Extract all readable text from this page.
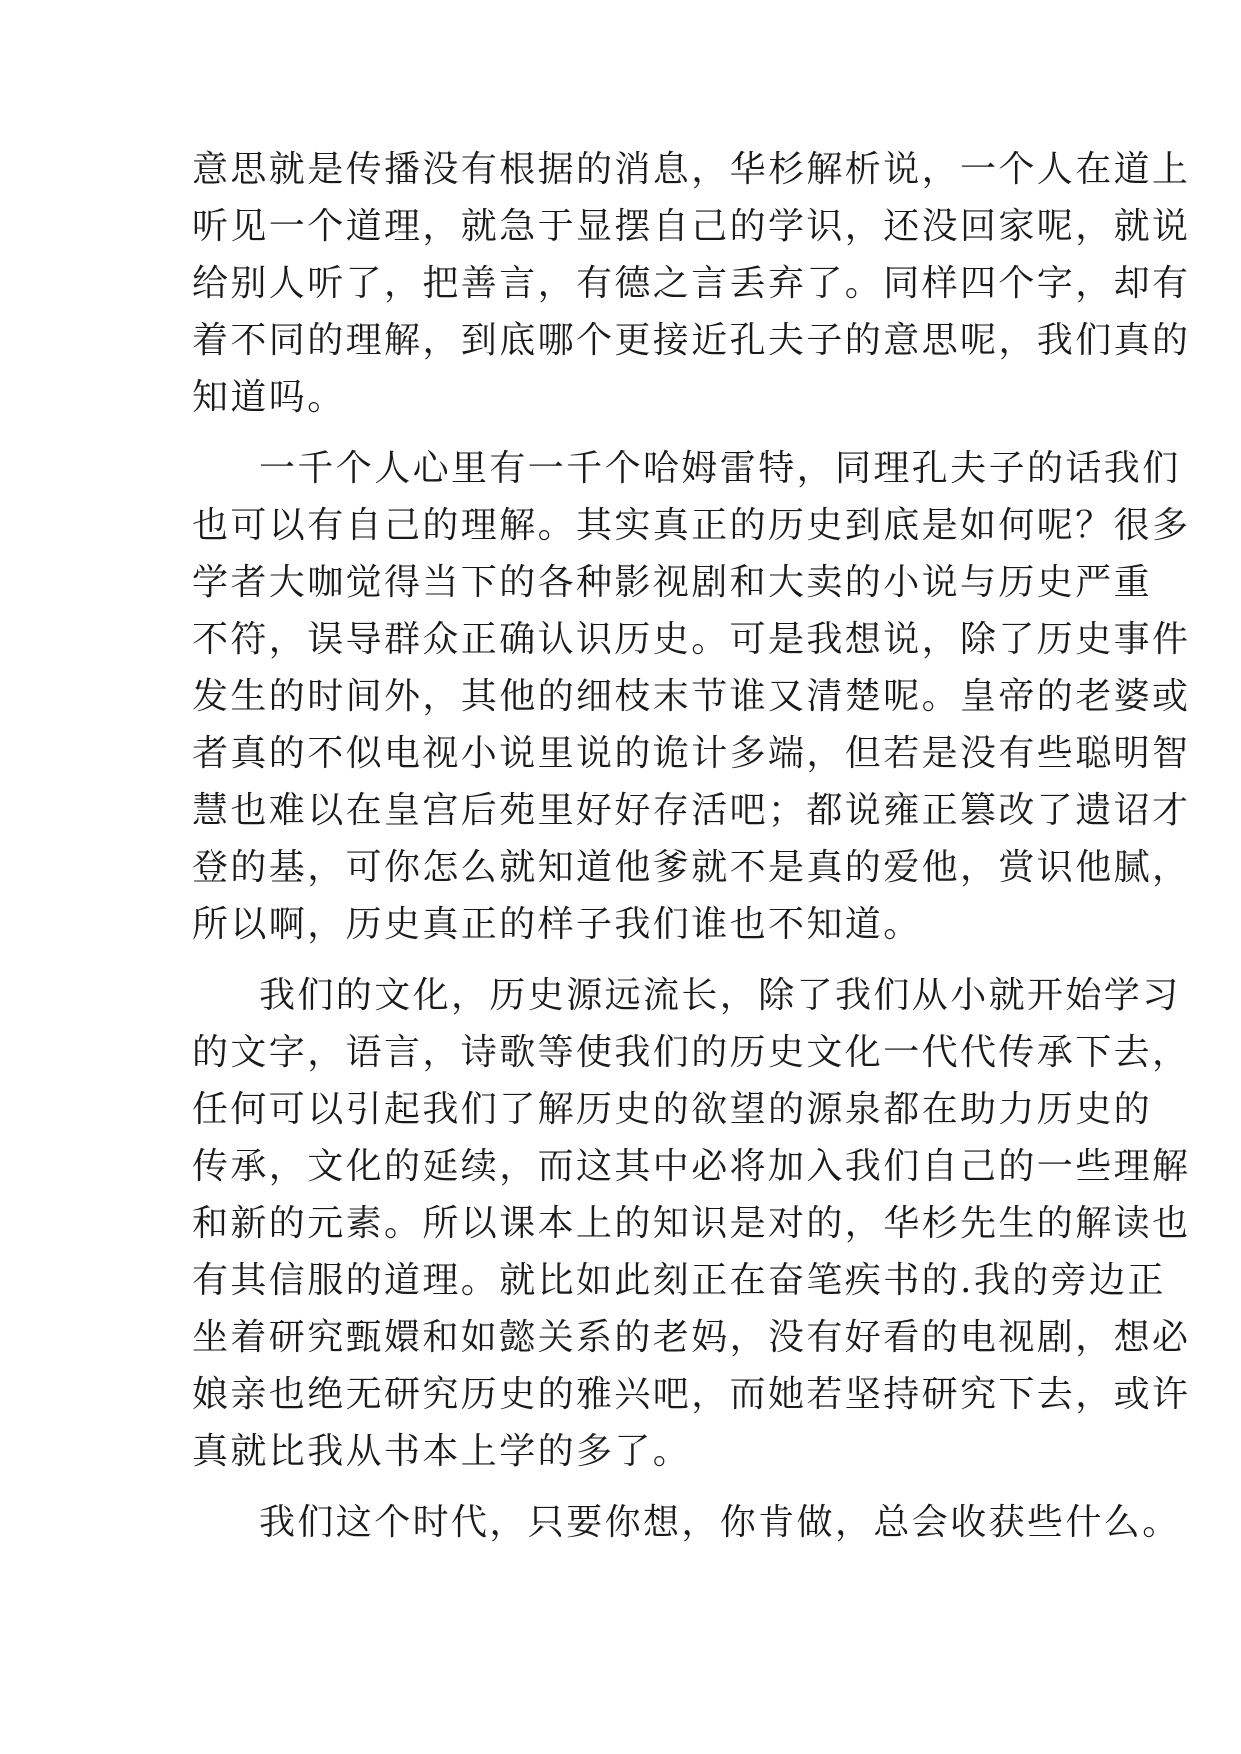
意思就是传播没有根据的消息，华杉解析说，一个人在道上
听见一个道理，就急于显摆自己的学识，还没回家呢，就说
给别人听了，把善言，有德之言丢弃了。同样四个字，却有
着不同的理解，到底哪个更接近孔夫子的意思呢，我们真的
知道吗。
一千个人心里有一千个哈姆雷特，同理孔夫子的话我们
也可以有自己的理解。其实真正的历史到底是如何呢？很多
学者大咖觉得当下的各种影视剧和大卖的小说与历史严重
不符，误导群众正确认识历史。可是我想说，除了历史事件
发生的时间外，其他的细枝末节谁又清楚呢。皇帝的老婆或
者真的不似电视小说里说的诡计多端，但若是没有些聪明智
慧也难以在皇宫后苑里好好存活吧；都说雍正篡改了遗诏才
登的基，可你怎么就知道他爹就不是真的爱他，赏识他腻，
所以啊，历史真正的样子我们谁也不知道。
我们的文化，历史源远流长，除了我们从小就开始学习
的文字，语言，诗歌等使我们的历史文化一代代传承下去，
任何可以引起我们了解历史的欲望的源泉都在助力历史的
传承，文化的延续，而这其中必将加入我们自己的一些理解
和新的元素。所以课本上的知识是对的，华杉先生的解读也
有其信服的道理。就比如此刻正在奋笔疾书的.我的旁边正
坐着研究甄嬛和如懿关系的老妈，没有好看的电视剧，想必
娘亲也绝无研究历史的雅兴吧，而她若坚持研究下去，或许
真就比我从书本上学的多了。
我们这个时代，只要你想，你肯做，总会收获些什么。
